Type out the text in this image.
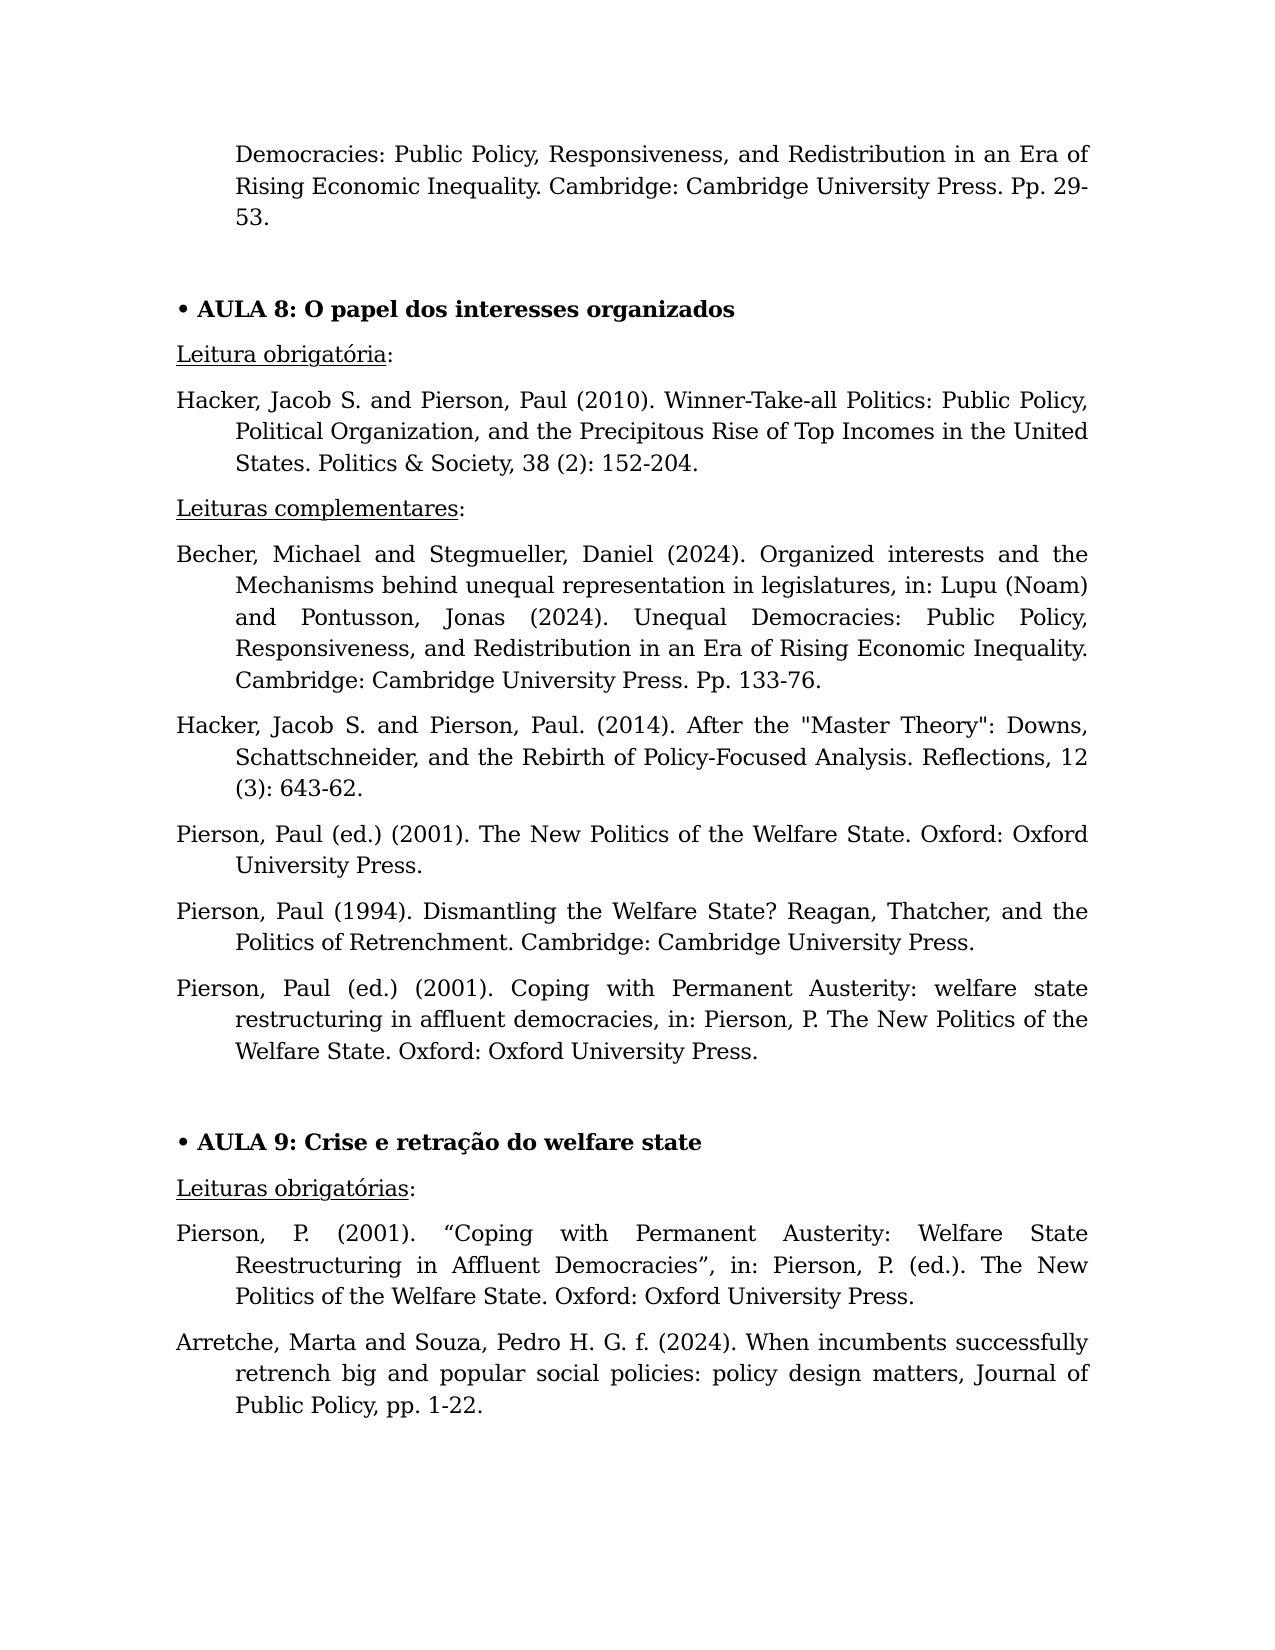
Democracies: Public Policy, Responsiveness, and Redistribution in an Era of Rising Economic Inequality. Cambridge: Cambridge University Press. Pp. 29-53.

• AULA 8: O papel dos interesses organizados
Leitura obrigatória:

Hacker, Jacob S. and Pierson, Paul (2010). Winner-Take-all Politics: Public Policy, Political Organization, and the Precipitous Rise of Top Incomes in the United States. Politics & Society, 38 (2): 152-204.

Leituras complementares:

Becher, Michael and Stegmueller, Daniel (2024). Organized interests and the Mechanisms behind unequal representation in legislatures, in: Lupu (Noam) and Pontusson, Jonas (2024). Unequal Democracies: Public Policy, Responsiveness, and Redistribution in an Era of Rising Economic Inequality. Cambridge: Cambridge University Press. Pp. 133-76.

Hacker, Jacob S. and Pierson, Paul. (2014). After the "Master Theory": Downs, Schattschneider, and the Rebirth of Policy-Focused Analysis. Reflections, 12 (3): 643-62.

Pierson, Paul (ed.) (2001). The New Politics of the Welfare State. Oxford: Oxford University Press.

Pierson, Paul (1994). Dismantling the Welfare State? Reagan, Thatcher, and the Politics of Retrenchment. Cambridge: Cambridge University Press.

Pierson, Paul (ed.) (2001). Coping with Permanent Austerity: welfare state restructuring in affluent democracies, in: Pierson, P. The New Politics of the Welfare State. Oxford: Oxford University Press.

• AULA 9: Crise e retração do welfare state
Leituras obrigatórias:

Pierson, P. (2001). “Coping with Permanent Austerity: Welfare State Reestructuring in Affluent Democracies”, in: Pierson, P. (ed.). The New Politics of the Welfare State. Oxford: Oxford University Press.

Arretche, Marta and Souza, Pedro H. G. f. (2024). When incumbents successfully retrench big and popular social policies: policy design matters, Journal of Public Policy, pp. 1-22.
